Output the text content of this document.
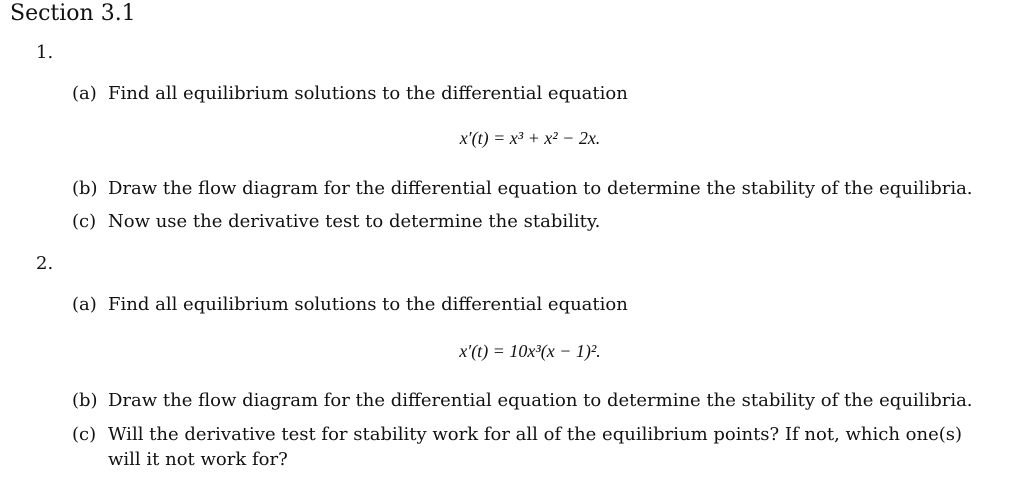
Section 3.1
1.
(a) Find all equilibrium solutions to the differential equation
x′(t) = x³ + x² − 2x.
(b) Draw the flow diagram for the differential equation to determine the stability of the equilibria.
(c) Now use the derivative test to determine the stability.
2.
(a) Find all equilibrium solutions to the differential equation
x′(t) = 10x³(x − 1)².
(b) Draw the flow diagram for the differential equation to determine the stability of the equilibria.
(c) Will the derivative test for stability work for all of the equilibrium points? If not, which one(s)
will it not work for?
